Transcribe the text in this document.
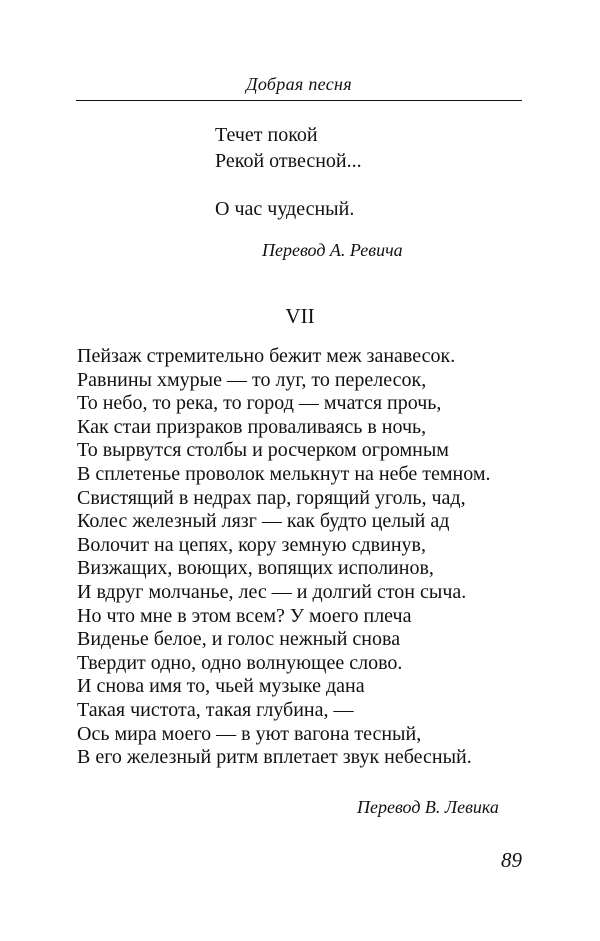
Добрая песня
Течет покой
Рекой отвесной...
О час чудесный.
Перевод А. Ревича
VII
Пейзаж стремительно бежит меж занавесок.
Равнины хмурые — то луг, то перелесок,
То небо, то река, то город — мчатся прочь,
Как стаи призраков проваливаясь в ночь,
То вырвутся столбы и росчерком огромным
В сплетенье проволок мелькнут на небе темном.
Свистящий в недрах пар, горящий уголь, чад,
Колес железный лязг — как будто целый ад
Волочит на цепях, кору земную сдвинув,
Визжащих, воющих, вопящих исполинов,
И вдруг молчанье, лес — и долгий стон сыча.
Но что мне в этом всем? У моего плеча
Виденье белое, и голос нежный снова
Твердит одно, одно волнующее слово.
И снова имя то, чьей музыке дана
Такая чистота, такая глубина, —
Ось мира моего — в уют вагона тесный,
В его железный ритм вплетает звук небесный.
Перевод В. Левика
89
